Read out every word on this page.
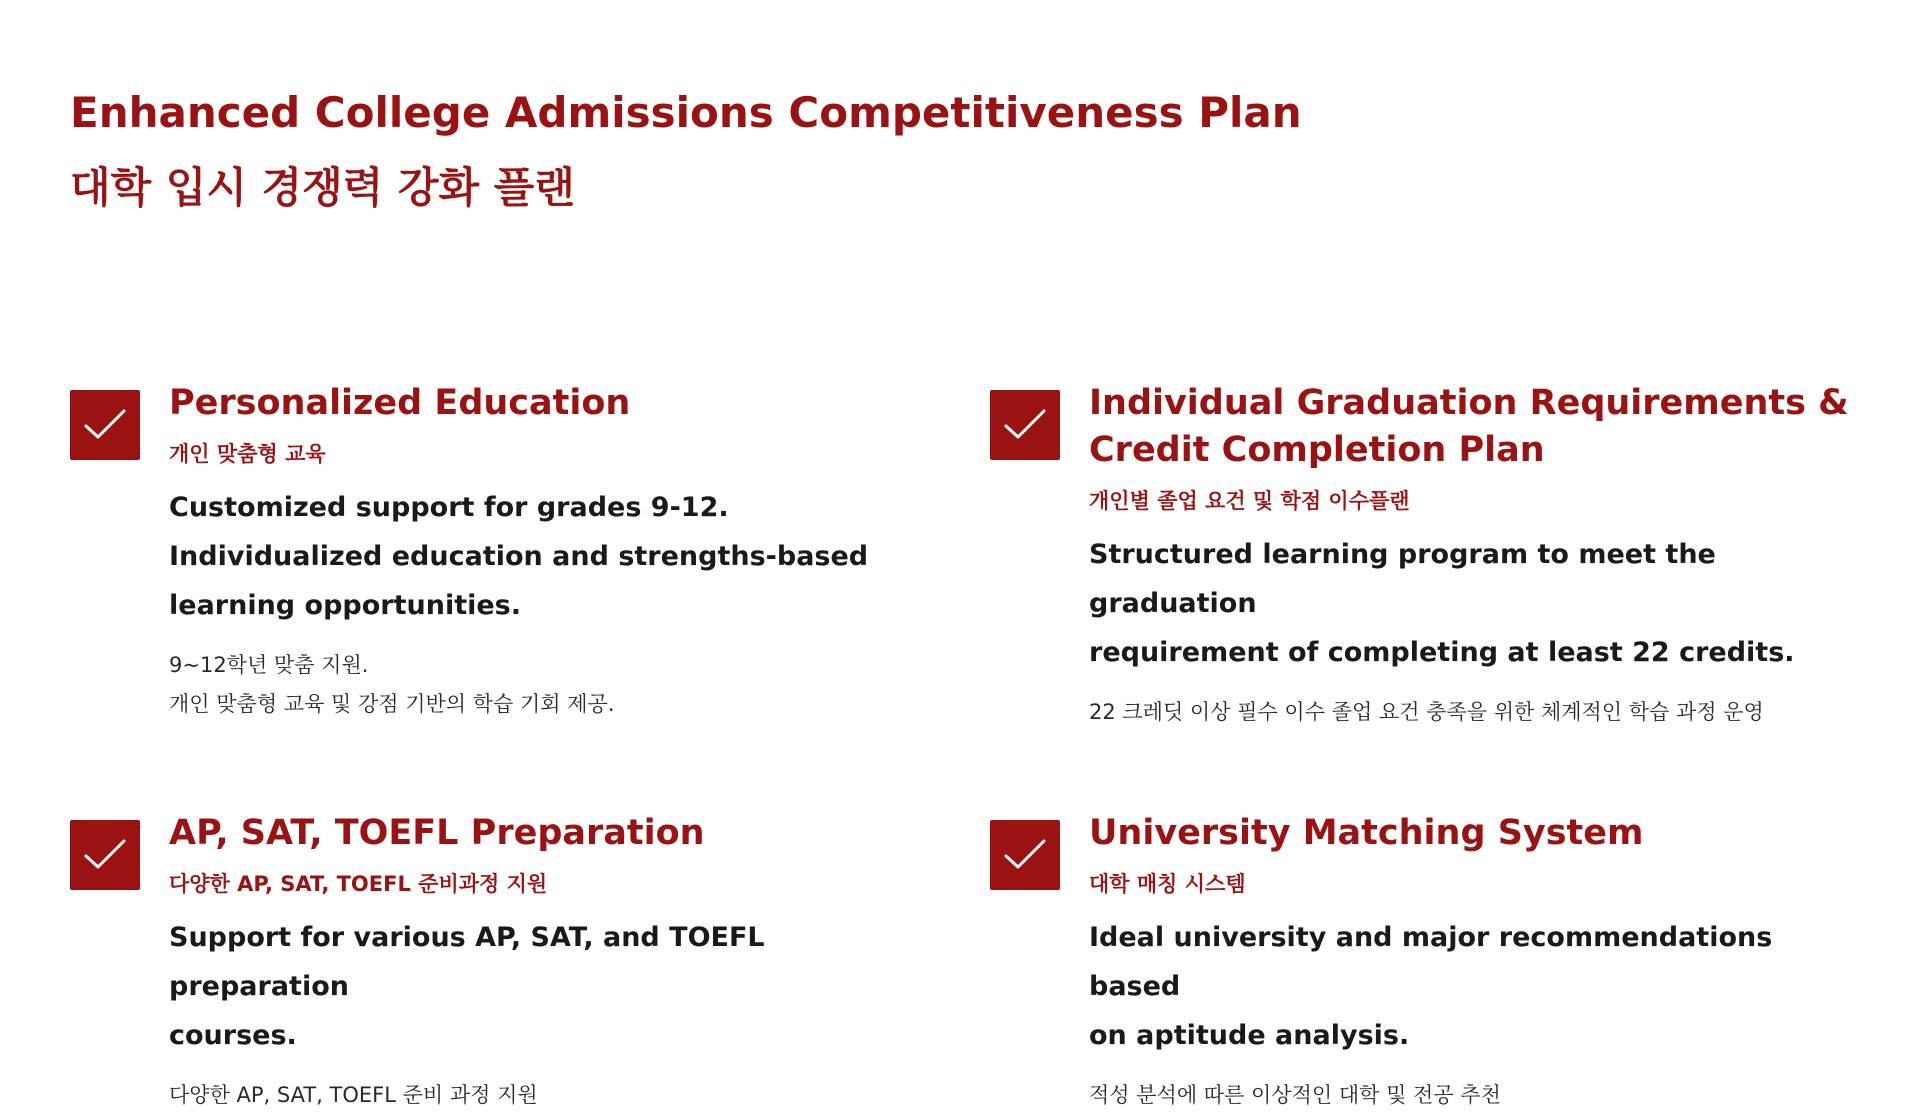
Enhanced College Admissions Competitiveness Plan
대학 입시 경쟁력 강화 플랜
Personalized Education
개인 맞춤형 교육
Customized support for grades 9-12.
Individualized education and strengths-based
learning opportunities.
9~12학년 맞춤 지원.
개인 맞춤형 교육 및 강점 기반의 학습 기회 제공.
Individual Graduation Requirements &
Credit Completion Plan
개인별 졸업 요건 및 학점 이수플랜
Structured learning program to meet the graduation
requirement of completing at least 22 credits.
22 크레딧 이상 필수 이수 졸업 요건 충족을 위한 체계적인 학습 과정 운영
AP, SAT, TOEFL Preparation
다양한 AP, SAT, TOEFL 준비과정 지원
Support for various AP, SAT, and TOEFL preparation
courses.
다양한 AP, SAT, TOEFL 준비 과정 지원
University Matching System
대학 매칭 시스템
Ideal university and major recommendations based
on aptitude analysis.
적성 분석에 따른 이상적인 대학 및 전공 추천
